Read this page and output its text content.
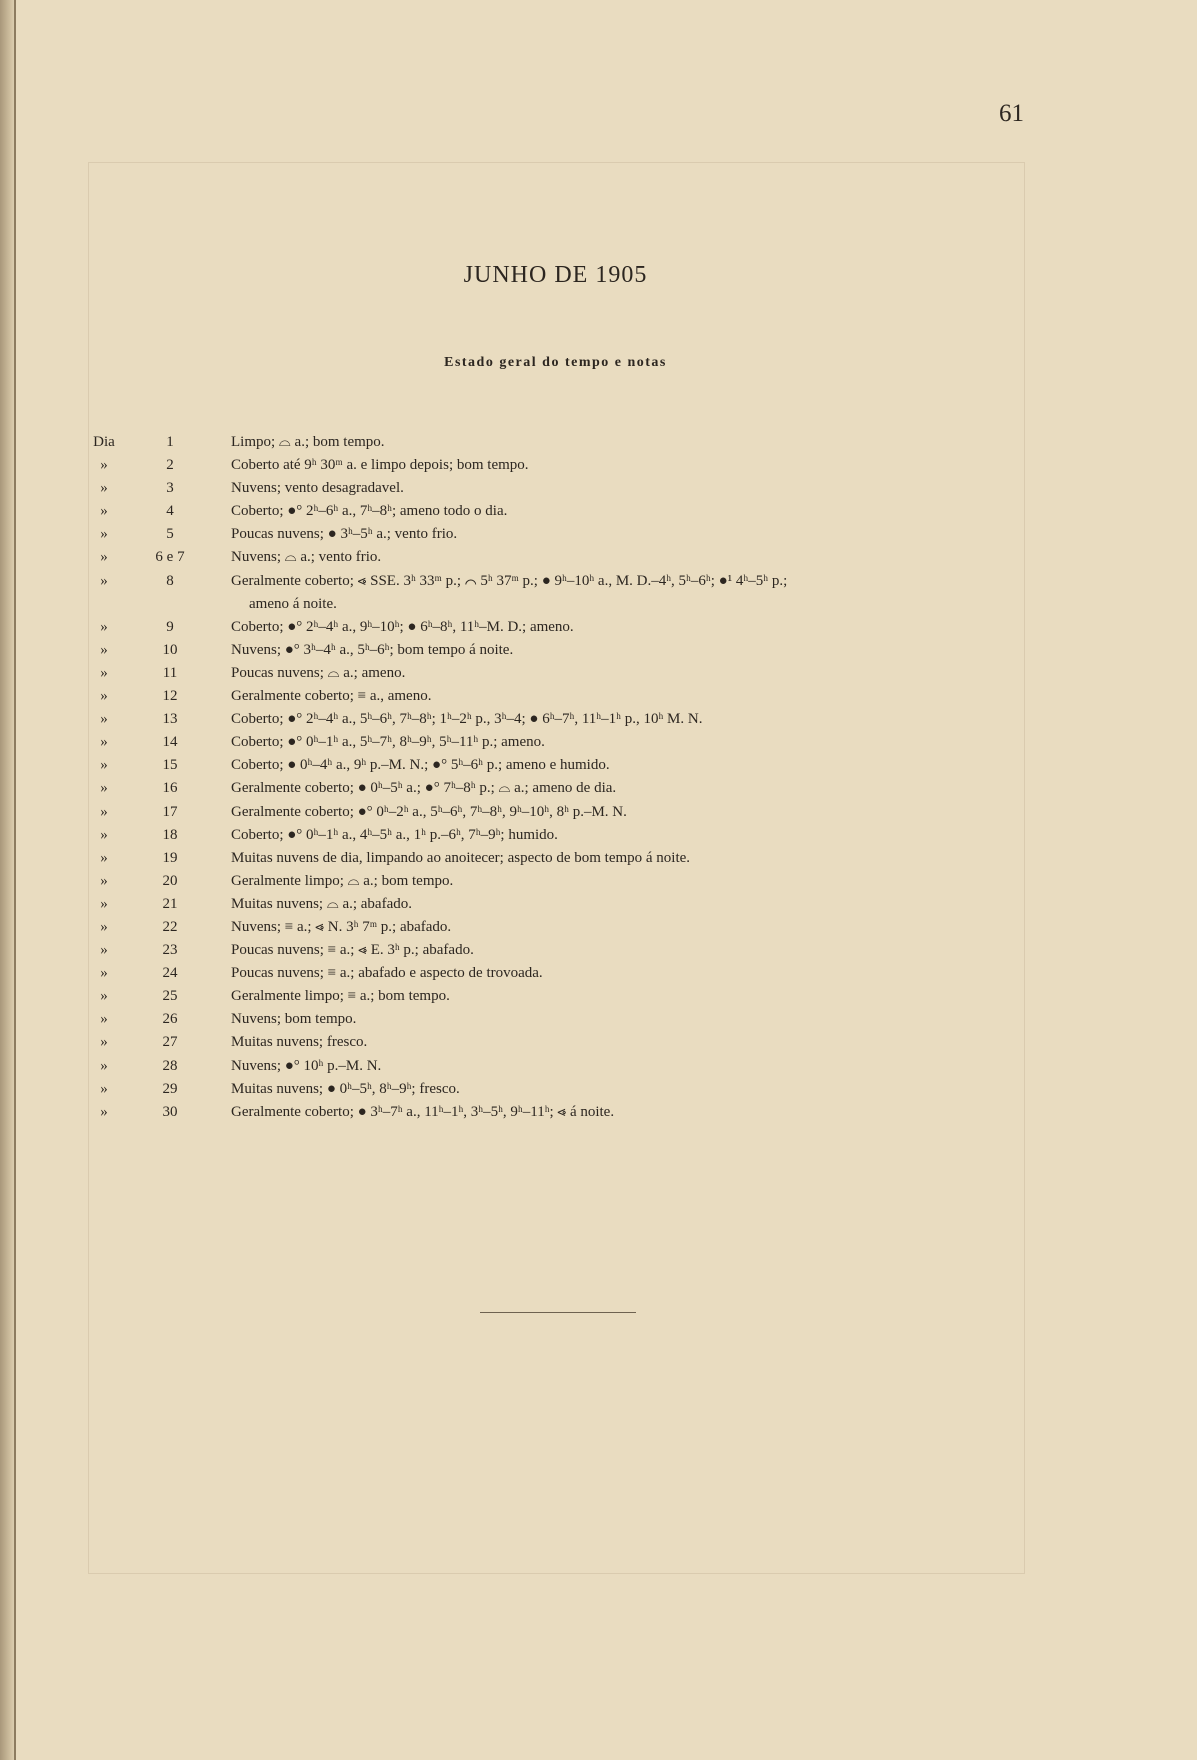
61
JUNHO DE 1905
Estado geral do tempo e notas
Dia	1	Limpo; ⌓ a.; bom tempo.
»	2	Coberto até 9ʰ 30ᵐ a. e limpo depois; bom tempo.
»	3	Nuvens; vento desagradavel.
»	4	Coberto; ●° 2ʰ–6ʰ a., 7ʰ–8ʰ; ameno todo o dia.
»	5	Poucas nuvens; ● 3ʰ–5ʰ a.; vento frio.
»	6 e 7	Nuvens; ⌓ a.; vento frio.
»	8	Geralmente coberto; ⩹ SSE. 3ʰ 33ᵐ p.; ⌒ 5ʰ 37ᵐ p.; ● 9ʰ–10ʰ a., M. D.–4ʰ, 5ʰ–6ʰ; ●¹ 4ʰ–5ʰ p.;
ameno á noite.
»	9	Coberto; ●° 2ʰ–4ʰ a., 9ʰ–10ʰ; ● 6ʰ–8ʰ, 11ʰ–M. D.; ameno.
»	10	Nuvens; ●° 3ʰ–4ʰ a., 5ʰ–6ʰ; bom tempo á noite.
»	11	Poucas nuvens; ⌓ a.; ameno.
»	12	Geralmente coberto; ≡ a., ameno.
»	13	Coberto; ●° 2ʰ–4ʰ a., 5ʰ–6ʰ, 7ʰ–8ʰ; 1ʰ–2ʰ p., 3ʰ–4; ● 6ʰ–7ʰ, 11ʰ–1ʰ p., 10ʰ M. N.
»	14	Coberto; ●° 0ʰ–1ʰ a., 5ʰ–7ʰ, 8ʰ–9ʰ, 5ʰ–11ʰ p.; ameno.
»	15	Coberto; ● 0ʰ–4ʰ a., 9ʰ p.–M. N.; ●° 5ʰ–6ʰ p.; ameno e humido.
»	16	Geralmente coberto; ● 0ʰ–5ʰ a.; ●° 7ʰ–8ʰ p.; ⌓ a.; ameno de dia.
»	17	Geralmente coberto; ●° 0ʰ–2ʰ a., 5ʰ–6ʰ, 7ʰ–8ʰ, 9ʰ–10ʰ, 8ʰ p.–M. N.
»	18	Coberto; ●° 0ʰ–1ʰ a., 4ʰ–5ʰ a., 1ʰ p.–6ʰ, 7ʰ–9ʰ; humido.
»	19	Muitas nuvens de dia, limpando ao anoitecer; aspecto de bom tempo á noite.
»	20	Geralmente limpo; ⌓ a.; bom tempo.
»	21	Muitas nuvens; ⌓ a.; abafado.
»	22	Nuvens; ≡ a.; ⩹ N. 3ʰ 7ᵐ p.; abafado.
»	23	Poucas nuvens; ≡ a.; ⩹ E. 3ʰ p.; abafado.
»	24	Poucas nuvens; ≡ a.; abafado e aspecto de trovoada.
»	25	Geralmente limpo; ≡ a.; bom tempo.
»	26	Nuvens; bom tempo.
»	27	Muitas nuvens; fresco.
»	28	Nuvens; ●° 10ʰ p.–M. N.
»	29	Muitas nuvens; ● 0ʰ–5ʰ, 8ʰ–9ʰ; fresco.
»	30	Geralmente coberto; ● 3ʰ–7ʰ a., 11ʰ–1ʰ, 3ʰ–5ʰ, 9ʰ–11ʰ; ⩹ á noite.
